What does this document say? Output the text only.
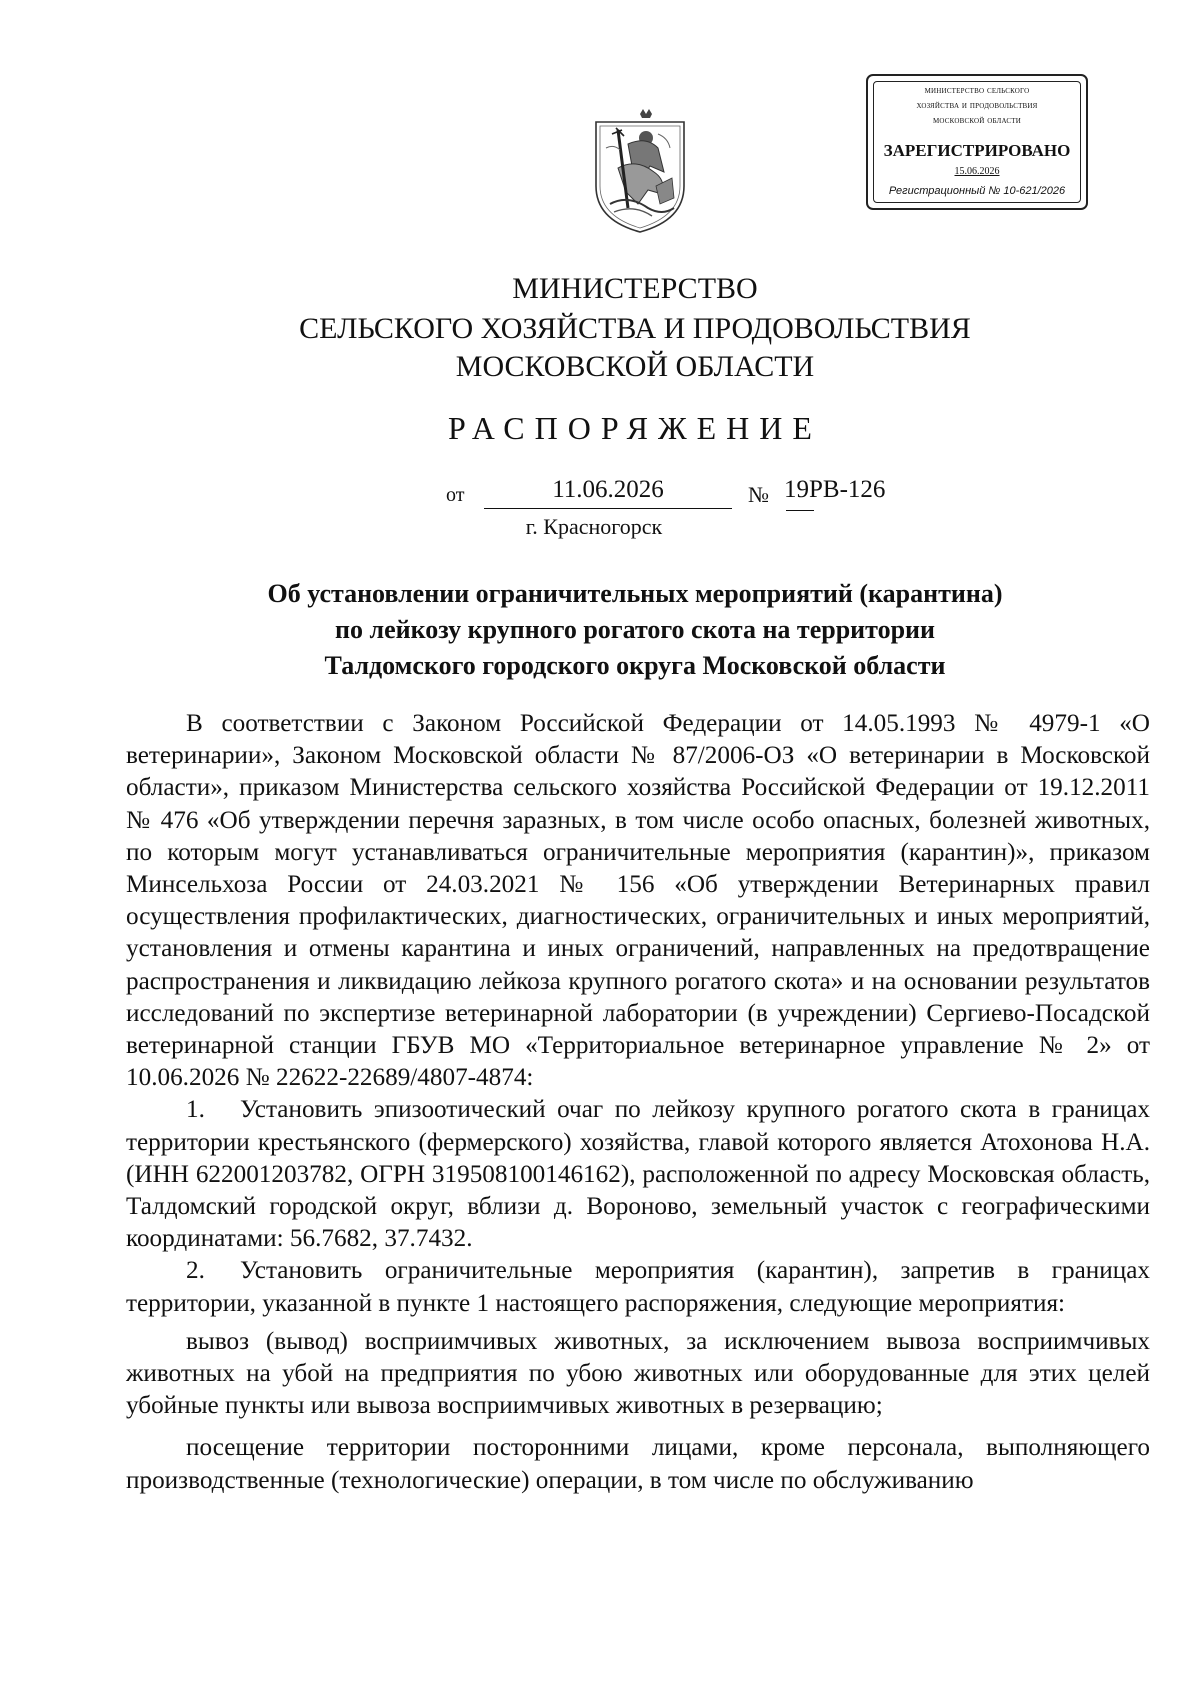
министерство сельского
хозяйства и продовольствия
московской области
ЗАРЕГИСТРИРОВАНО
15.06.2026
Регистрационный № 10-621/2026
МИНИСТЕРСТВО
СЕЛЬСКОГО ХОЗЯЙСТВА И ПРОДОВОЛЬСТВИЯ
МОСКОВСКОЙ ОБЛАСТИ
РАСПОРЯЖЕНИЕ
от	11.06.2026	№ 19РВ-126
г. Красногорск
Об установлении ограничительных мероприятий (карантина)
по лейкозу крупного рогатого скота на территории
Талдомского городского округа Московской области

В соответствии с Законом Российской Федерации от 14.05.1993 № 4979-1 «О ветеринарии», Законом Московской области № 87/2006-ОЗ «О ветеринарии в Московской области», приказом Министерства сельского хозяйства Российской Федерации от 19.12.2011 № 476 «Об утверждении перечня заразных, в том числе особо опасных, болезней животных, по которым могут устанавливаться ограничительные мероприятия (карантин)», приказом Минсельхоза России от 24.03.2021 № 156 «Об утверждении Ветеринарных правил осуществления профилактических, диагностических, ограничительных и иных мероприятий, установления и отмены карантина и иных ограничений, направленных на предотвращение распространения и ликвидацию лейкоза крупного рогатого скота» и на основании результатов исследований по экспертизе ветеринарной лаборатории (в учреждении) Сергиево-Посадской ветеринарной станции ГБУВ МО «Территориальное ветеринарное управление № 2» от 10.06.2026 № 22622-22689/4807-4874:

1. Установить эпизоотический очаг по лейкозу крупного рогатого скота в границах территории крестьянского (фермерского) хозяйства, главой которого является Атохонова Н.А. (ИНН 622001203782, ОГРН 319508100146162), расположенной по адресу Московская область, Талдомский городской округ, вблизи д. Вороново, земельный участок с географическими координатами: 56.7682, 37.7432.

2. Установить ограничительные мероприятия (карантин), запретив в границах территории, указанной в пункте 1 настоящего распоряжения, следующие мероприятия:

вывоз (вывод) восприимчивых животных, за исключением вывоза восприимчивых животных на убой на предприятия по убою животных или оборудованные для этих целей убойные пункты или вывоза восприимчивых животных в резервацию;

посещение территории посторонними лицами, кроме персонала, выполняющего производственные (технологические) операции, в том числе по обслуживанию
